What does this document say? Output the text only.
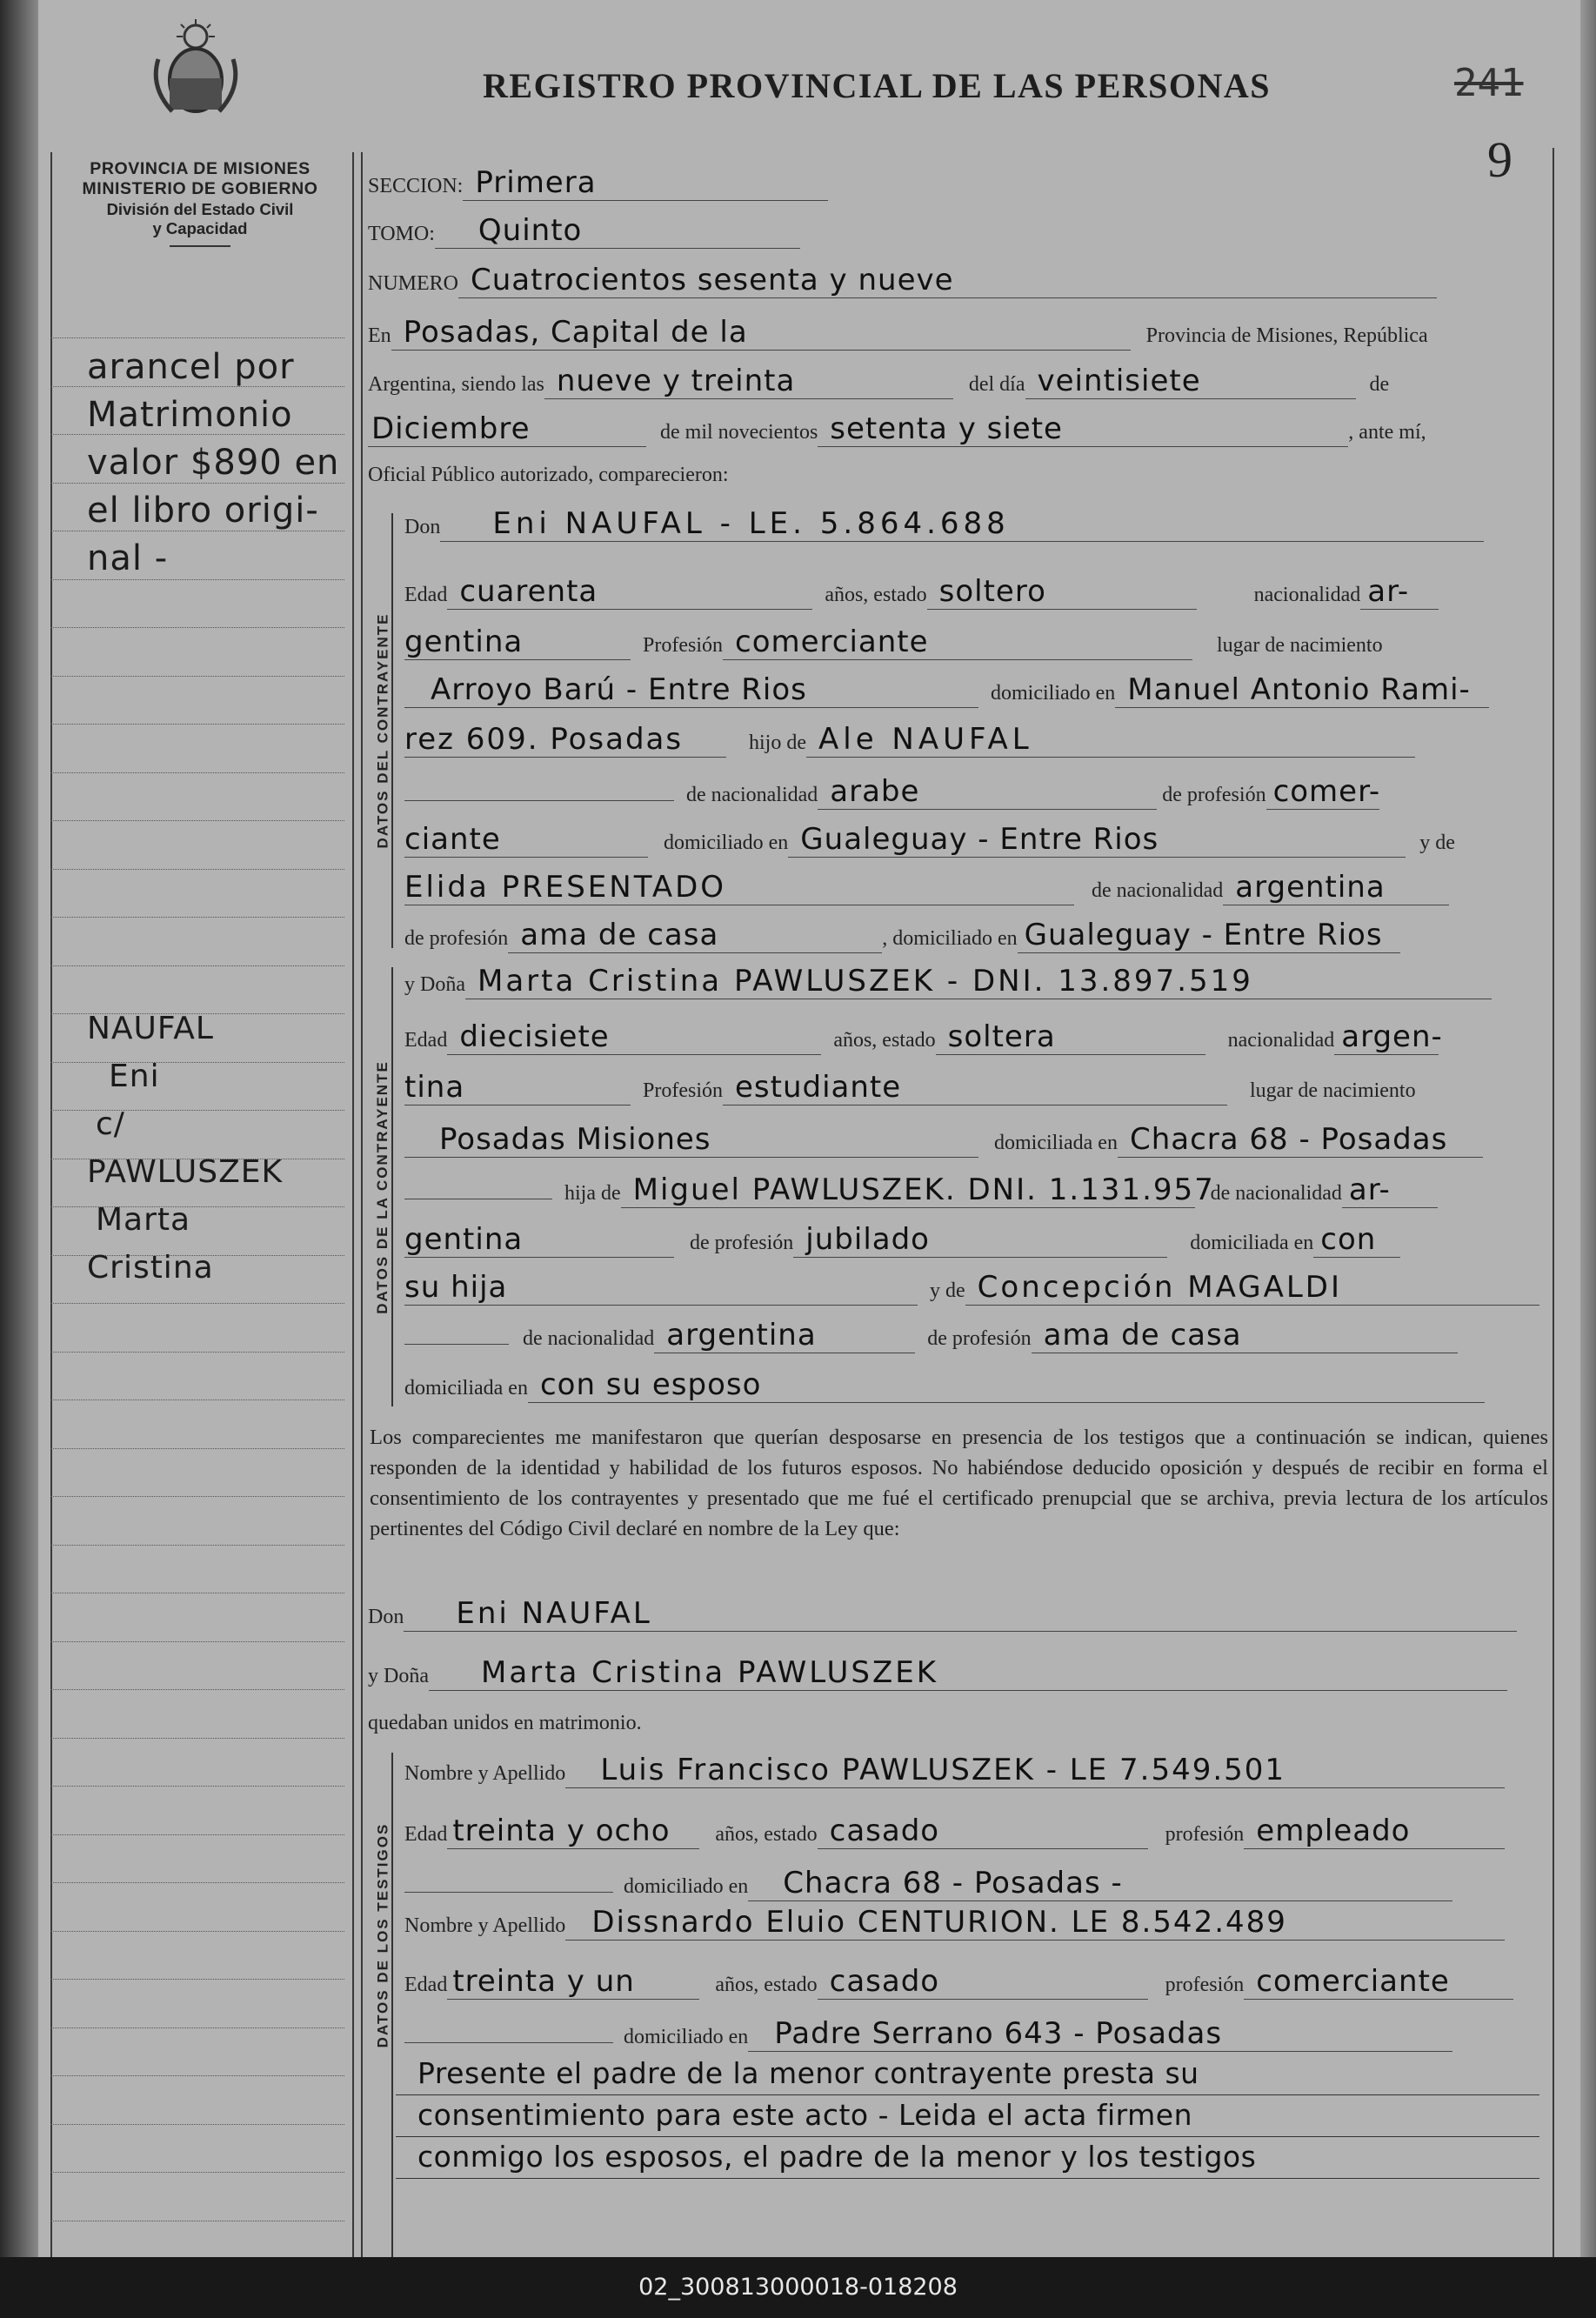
PROVINCIA DE MISIONES
MINISTERIO DE GOBIERNO
División del Estado Civil
y Capacidad
arancel por
Matrimonio
valor $890 en
el libro origi-
nal -
NAUFAL
Eni
c/
PAWLUSZEK
Marta
Cristina
REGISTRO PROVINCIAL DE LAS PERSONAS	241
9
SECCION: Primera
TOMO: Quinto
NUMERO Cuatrocientos sesenta y nueve
En Posadas, Capital de la	Provincia de Misiones, República
Argentina, siendo las nueve y treinta	del día veintisiete	de
Diciembre	de mil novecientos setenta y siete	, ante mí,
Oficial Público autorizado, comparecieron:
DATOS DEL CONTRAYENTE
Don Eni NAUFAL - LE. 5.864.688
Edad cuarenta	años, estado soltero	nacionalidad ar-
gentina	Profesión comerciante	lugar de nacimiento
Arroyo Barú - Entre Rios	domiciliado en Manuel Antonio Rami-
rez 609. Posadas	hijo de Ale NAUFAL
de nacionalidad arabe	de profesión comer-
ciante	domiciliado en Gualeguay - Entre Rios	y de
Elida PRESENTADO	de nacionalidad argentina
de profesión ama de casa	, domiciliado en Gualeguay - Entre Rios
DATOS DE LA CONTRAYENTE
y Doña Marta Cristina PAWLUSZEK - DNI. 13.897.519
Edad diecisiete	años, estado soltera	nacionalidad argen-
tina	Profesión estudiante	lugar de nacimiento
Posadas Misiones	domiciliada en Chacra 68 - Posadas
hija de Miguel PAWLUSZEK. DNI. 1.131.957 de nacionalidad ar-
gentina	de profesión jubilado	domiciliada en con
su hija	y de Concepción MAGALDI
de nacionalidad argentina	de profesión ama de casa
domiciliada en con su esposo
Los comparecientes me manifestaron que querían desposarse en presencia de los testigos que a continuación se indican, quienes responden de la identidad y habilidad de los futuros esposos. No habiéndose deducido oposición y después de recibir en forma el consentimiento de los contrayentes y presentado que me fué el certificado prenupcial que se archiva, previa lectura de los artículos pertinentes del Código Civil declaré en nombre de la Ley que:
Don Eni NAUFAL
y Doña Marta Cristina PAWLUSZEK
quedaban unidos en matrimonio.
DATOS DE LOS TESTIGOS
Nombre y Apellido Luis Francisco PAWLUSZEK - LE 7.549.501
Edad treinta y ocho años, estado casado	profesión empleado
domiciliado en Chacra 68 - Posadas -
Nombre y Apellido Dissnardo Eluio CENTURION. LE 8.542.489
Edad treinta y un	años, estado casado	profesión comerciante
domiciliado en Padre Serrano 643 - Posadas
Presente el padre de la menor contrayente presta su
consentimiento para este acto - Leida el acta firmen
conmigo los esposos, el padre de la menor y los testigos
02_300813000018-018208
